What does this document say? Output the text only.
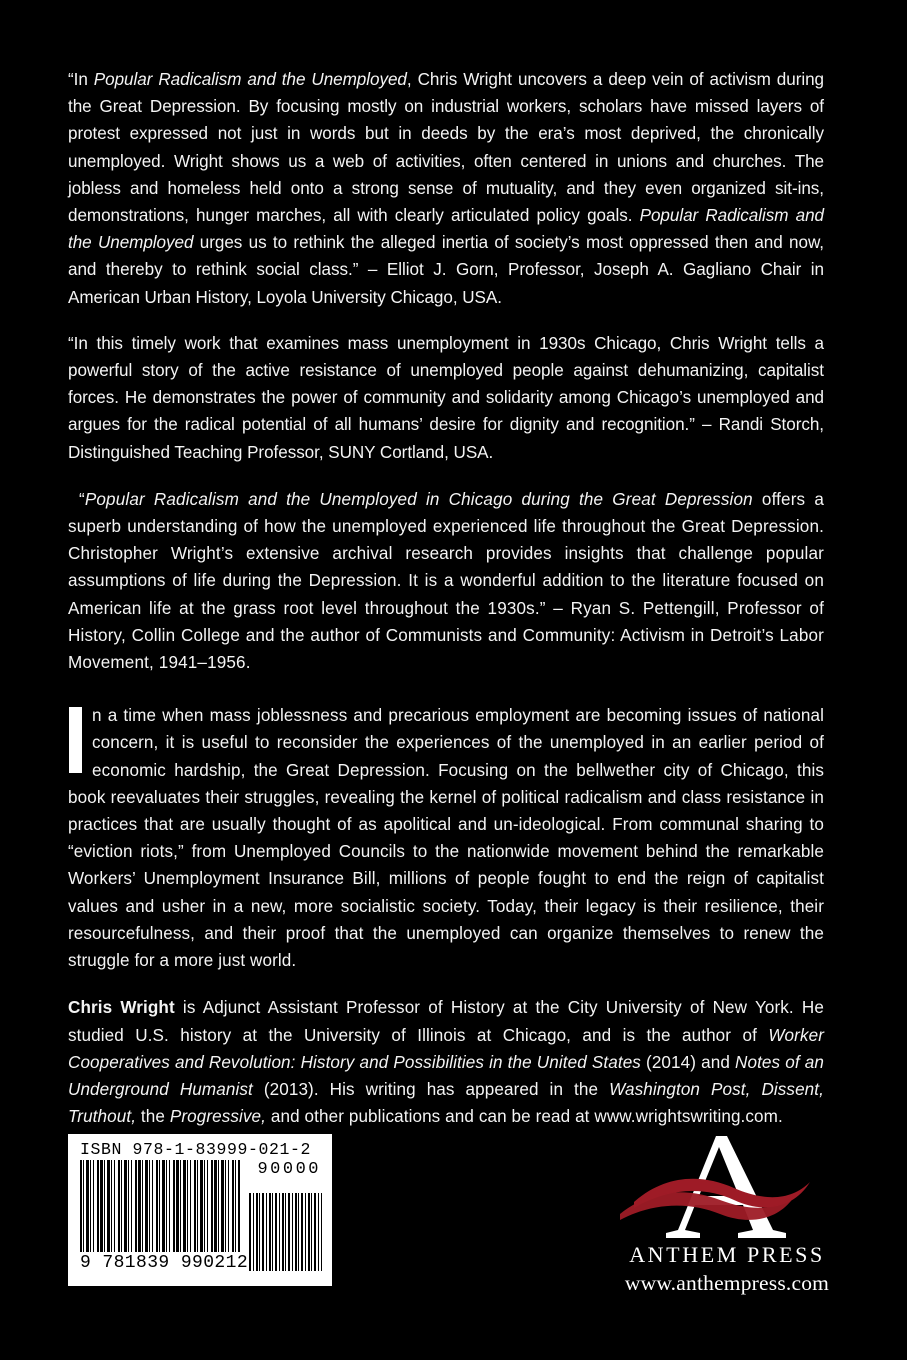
“In Popular Radicalism and the Unemployed, Chris Wright uncovers a deep vein of activism during the Great Depression. By focusing mostly on industrial workers, scholars have missed layers of protest expressed not just in words but in deeds by the era’s most deprived, the chronically unemployed. Wright shows us a web of activities, often centered in unions and churches. The jobless and homeless held onto a strong sense of mutuality, and they even organized sit-ins, demonstrations, hunger marches, all with clearly articulated policy goals. Popular Radicalism and the Unemployed urges us to rethink the alleged inertia of society’s most oppressed then and now, and thereby to rethink social class.” – Elliot J. Gorn, Professor, Joseph A. Gagliano Chair in American Urban History, Loyola University Chicago, USA.

“In this timely work that examines mass unemployment in 1930s Chicago, Chris Wright tells a powerful story of the active resistance of unemployed people against dehumanizing, capitalist forces. He demonstrates the power of community and solidarity among Chicago’s unemployed and argues for the radical potential of all humans’ desire for dignity and recognition.” – Randi Storch, Distinguished Teaching Professor, SUNY Cortland, USA.

“Popular Radicalism and the Unemployed in Chicago during the Great Depression offers a superb understanding of how the unemployed experienced life throughout the Great Depression. Christopher Wright’s extensive archival research provides insights that challenge popular assumptions of life during the Depression. It is a wonderful addition to the literature focused on American life at the grass root level throughout the 1930s.” – Ryan S. Pettengill, Professor of History, Collin College and the author of Communists and Community: Activism in Detroit’s Labor Movement, 1941–1956.

n a time when mass joblessness and precarious employment are becoming issues of national concern, it is useful to reconsider the experiences of the unemployed in an earlier period of economic hardship, the Great Depression. Focusing on the bellwether city of Chicago, this book reevaluates their struggles, revealing the kernel of political radicalism and class resistance in practices that are usually thought of as apolitical and un-ideological. From communal sharing to “eviction riots,” from Unemployed Councils to the nationwide movement behind the remarkable Workers’ Unemployment Insurance Bill, millions of people fought to end the reign of capitalist values and usher in a new, more socialistic society. Today, their legacy is their resilience, their resourcefulness, and their proof that the unemployed can organize themselves to renew the struggle for a more just world.

Chris Wright is Adjunct Assistant Professor of History at the City University of New York. He studied U.S. history at the University of Illinois at Chicago, and is the author of Worker Cooperatives and Revolution: History and Possibilities in the United States (2014) and Notes of an Underground Humanist (2013). His writing has appeared in the Washington Post, Dissent, Truthout, the Progressive, and other publications and can be read at www.wrightswriting.com.

ISBN 978-1-83999-021-2
9 781839 990212
90000
ANTHEM PRESS
www.anthempress.com
